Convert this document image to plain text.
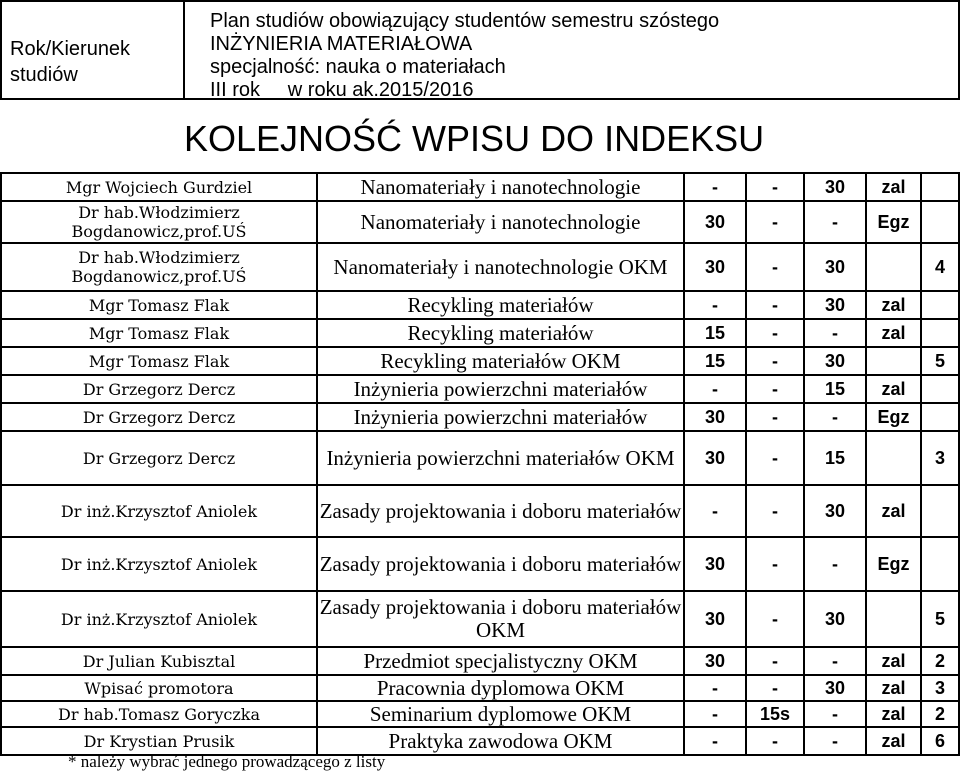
Rok/Kierunek
studiów
Plan studiów obowiązujący studentów semestru szóstego
INŻYNIERIA MATERIAŁOWA
specjalność: nauka o materiałach
III rok     w roku ak.2015/2016
KOLEJNOŚĆ WPISU DO INDEKSU
Mgr Wojciech Gurdziel	Nanomateriały i nanotechnologie	-	-	30	zal	
Dr hab.Włodzimierz Bogdanowicz,prof.UŚ	Nanomateriały i nanotechnologie	30	-	-	Egz	
Dr hab.Włodzimierz Bogdanowicz,prof.UŚ	Nanomateriały i nanotechnologie OKM	30	-	30		4
Mgr Tomasz Flak	Recykling materiałów	-	-	30	zal	
Mgr Tomasz Flak	Recykling materiałów	15	-	-	zal	
Mgr Tomasz Flak	Recykling materiałów OKM	15	-	30		5
Dr Grzegorz Dercz	Inżynieria powierzchni materiałów	-	-	15	zal	
Dr Grzegorz Dercz	Inżynieria powierzchni materiałów	30	-	-	Egz	
Dr Grzegorz Dercz	Inżynieria powierzchni materiałów OKM	30	-	15		3
Dr inż.Krzysztof Aniolek	Zasady projektowania i doboru materiałów	-	-	30	zal	
Dr inż.Krzysztof Aniolek	Zasady projektowania i doboru materiałów	30	-	-	Egz	
Dr inż.Krzysztof Aniolek	Zasady projektowania i doboru materiałów OKM	30	-	30		5
Dr Julian Kubisztal	Przedmiot specjalistyczny OKM	30	-	-	zal	2
Wpisać promotora	Pracownia dyplomowa OKM	-	-	30	zal	3
Dr hab.Tomasz Goryczka	Seminarium dyplomowe OKM	-	15s	-	zal	2
Dr Krystian Prusik	Praktyka zawodowa OKM	-	-	-	zal	6
* należy wybrać jednego prowadzącego z listy
